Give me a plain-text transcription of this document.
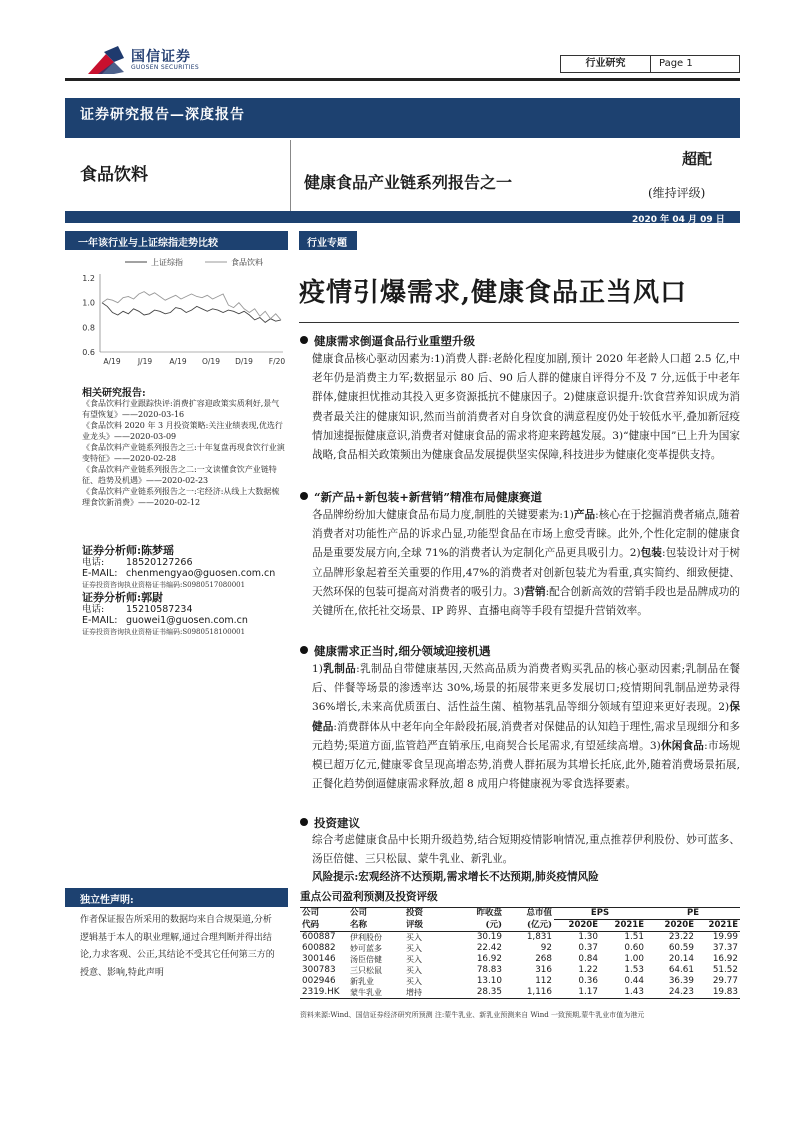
国信证券
GUOSEN SECURITIES	行业研究	Page 1
证券研究报告—深度报告
食品饮料	健康食品产业链系列报告之一
超配
(维持评级)
2020 年 04 月 09 日
一年该行业与上证综指走势比较
1.2
1.0
0.8
0.6
A/19 J/19 A/19 O/19 D/19 F/20
上证综指	食品饮料
相关研究报告:
《食品饮料行业跟踪快评:消费扩容迎政策实质利好,景气有望恢复》——2020-03-16
《食品饮料 2020 年 3 月投资策略:关注业绩表现,优选行业龙头》——2020-03-09
《食品饮料产业链系列报告之三:十年复盘再现食饮行业演变特征》——2020-02-28
《食品饮料产业链系列报告之二:一文读懂食饮产业链特征、趋势及机遇》——2020-02-23
《食品饮料产业链系列报告之一:宅经济:从线上大数据梳理食饮新消费》——2020-02-12
证券分析师:陈梦瑶
电话: 18520127266
E-MAIL: chenmengyao@guosen.com.cn
证券投资咨询执业资格证书编码:S0980517080001
证券分析师:郭尉
电话: 15210587234
E-MAIL: guowei1@guosen.com.cn
证券投资咨询执业资格证书编码:S0980518100001
独立性声明:
作者保证报告所采用的数据均来自合规渠道,分析逻辑基于本人的职业理解,通过合理判断并得出结论,力求客观、公正,其结论不受其它任何第三方的授意、影响,特此声明
行业专题
疫情引爆需求,健康食品正当风口
健康需求倒逼食品行业重塑升级
健康食品核心驱动因素为:1)消费人群:老龄化程度加剧,预计 2020 年老龄人口超 2.5 亿,中老年仍是消费主力军;数据显示 80 后、90 后人群的健康自评得分不及 7 分,远低于中老年群体,健康担忧推动其投入更多资源抵抗不健康因子。2)健康意识提升:饮食营养知识成为消费者最关注的健康知识,然而当前消费者对自身饮食的满意程度仍处于较低水平,叠加新冠疫情加速提振健康意识,消费者对健康食品的需求将迎来跨越发展。3)“健康中国”已上升为国家战略,食品相关政策频出为健康食品发展提供坚实保障,科技进步为健康化变革提供支持。
“新产品+新包装+新营销”精准布局健康赛道
各品牌纷纷加大健康食品布局力度,制胜的关键要素为:1)产品:核心在于挖掘消费者痛点,随着消费者对功能性产品的诉求凸显,功能型食品在市场上愈受青睐。此外,个性化定制的健康食品是重要发展方向,全球 71%的消费者认为定制化产品更具吸引力。2)包装:包装设计对于树立品牌形象起着至关重要的作用,47%的消费者对创新包装尤为看重,真实简约、细致便捷、天然环保的包装可提高对消费者的吸引力。3)营销:配合创新高效的营销手段也是品牌成功的关键所在,依托社交场景、IP 跨界、直播电商等手段有望提升营销效率。
健康需求正当时,细分领域迎接机遇
1)乳制品:乳制品自带健康基因,天然高品质为消费者购买乳品的核心驱动因素;乳制品在餐后、伴餐等场景的渗透率达 30%,场景的拓展带来更多发展切口;疫情期间乳制品逆势录得 36%增长,未来高优质蛋白、活性益生菌、植物基乳品等细分领域有望迎来更好表现。2)保健品:消费群体从中老年向全年龄段拓展,消费者对保健品的认知趋于理性,需求呈现细分和多元趋势;渠道方面,监管趋严直销承压,电商契合长尾需求,有望延续高增。3)休闲食品:市场规模已超万亿元,健康零食呈现高增态势,消费人群拓展为其增长托底,此外,随着消费场景拓展,正餐化趋势倒逼健康需求释放,超 8 成用户将健康视为零食选择要素。
投资建议
综合考虑健康食品中长期升级趋势,结合短期疫情影响情况,重点推荐伊利股份、妙可蓝多、汤臣倍健、三只松鼠、蒙牛乳业、新乳业。
风险提示:宏观经济不达预期,需求增长不达预期,肺炎疫情风险
重点公司盈利预测及投资评级
公司	公司	投资	昨收盘	总市值	EPS		PE	
代码	名称	评级	(元)	(亿元)	2020E	2021E	2020E	2021E
600887	伊利股份	买入	30.19	1,831	1.30	1.51	23.22	19.99
600882	妙可蓝多	买入	22.42	92	0.37	0.60	60.59	37.37
300146	汤臣倍健	买入	16.92	268	0.84	1.00	20.14	16.92
300783	三只松鼠	买入	78.83	316	1.22	1.53	64.61	51.52
002946	新乳业	买入	13.10	112	0.36	0.44	36.39	29.77
2319.HK	蒙牛乳业	增持	28.35	1,116	1.17	1.43	24.23	19.83
资料来源:Wind、国信证券经济研究所预测 注:蒙牛乳业、新乳业预测来自 Wind 一致预期,蒙牛乳业市值为港元
